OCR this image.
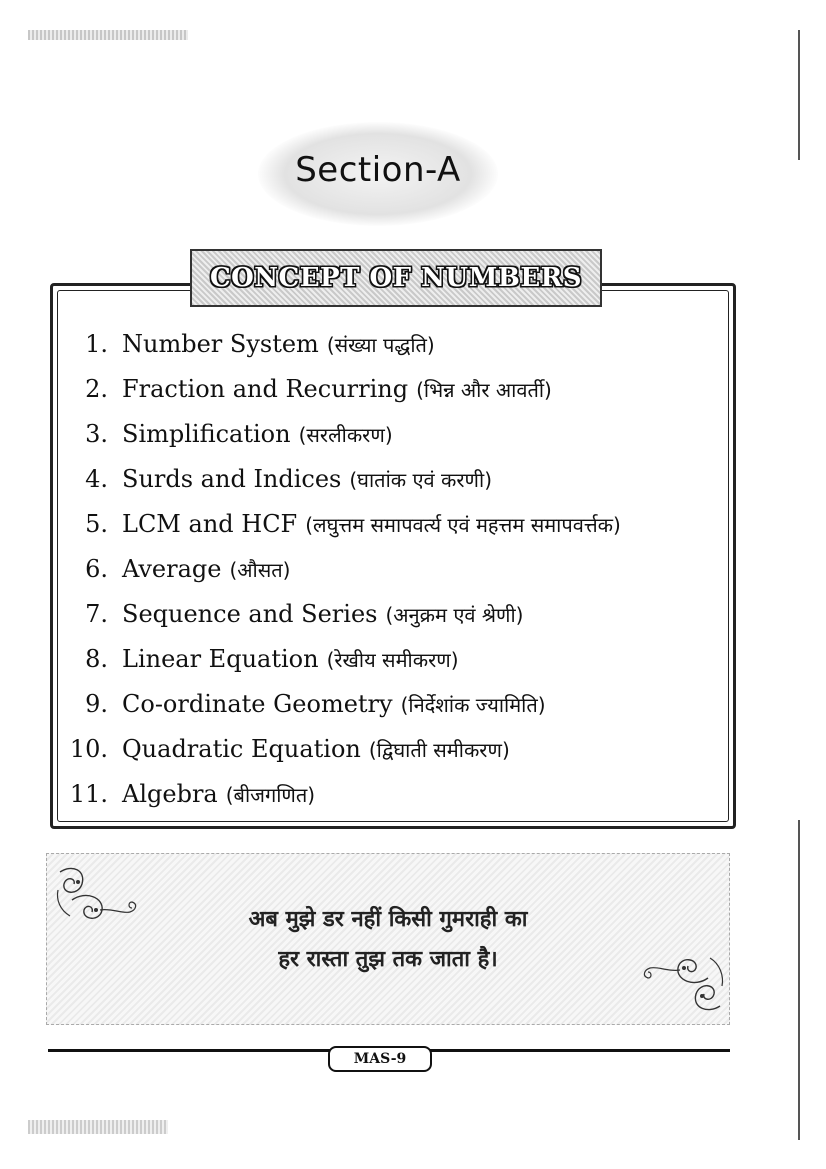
Section-A
CONCEPT OF NUMBERS
1. Number System (संख्या पद्धति)
2. Fraction and Recurring (भिन्न और आवर्ती)
3. Simplification (सरलीकरण)
4. Surds and Indices (घातांक एवं करणी)
5. LCM and HCF (लघुत्तम समापवर्त्य एवं महत्तम समापवर्त्तक)
6. Average (औसत)
7. Sequence and Series (अनुक्रम एवं श्रेणी)
8. Linear Equation (रेखीय समीकरण)
9. Co-ordinate Geometry (निर्देशांक ज्यामिति)
10. Quadratic Equation (द्विघाती समीकरण)
11. Algebra (बीजगणित)
अब मुझे डर नहीं किसी गुमराही का
हर रास्ता तुझ तक जाता है।
MAS-9
